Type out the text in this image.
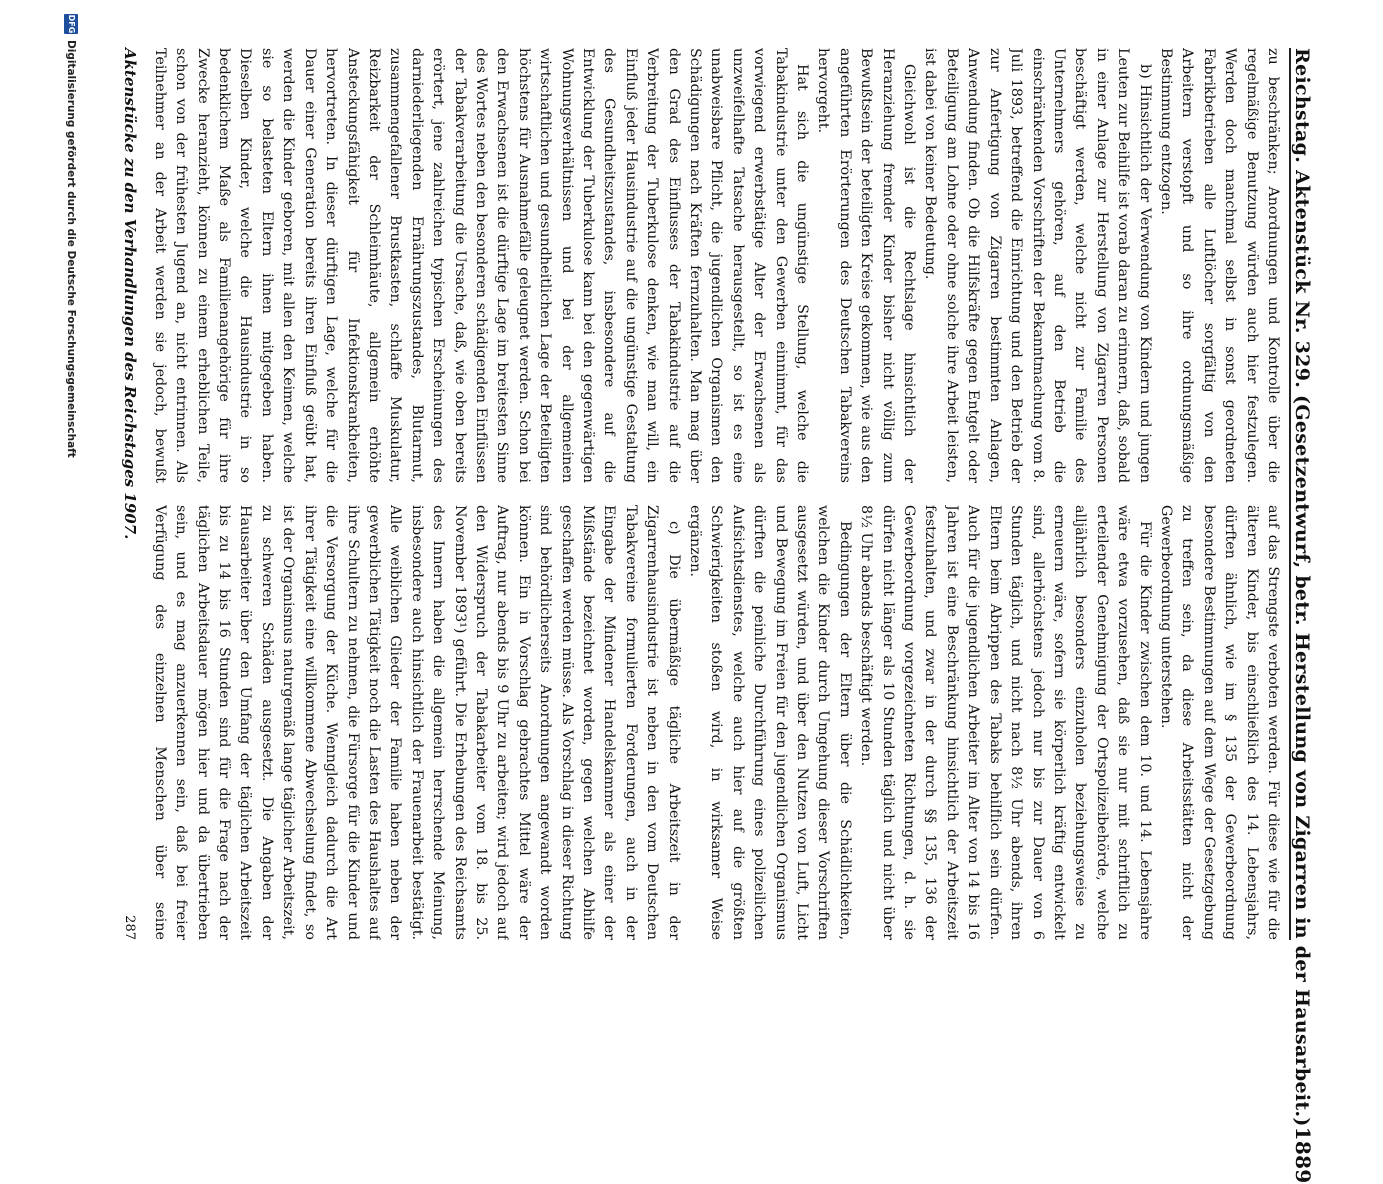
Reichstag. Aktenstück Nr. 329. (Gesetzentwurf, betr. Herstellung von Zigarren in der Hausarbeit.)
1889

zu beschränken; Anordnungen und Kontrolle über die regelmäßige Benutzung würden auch hier festzulegen. Werden doch manchmal selbst in sonst geordneten Fabrikbetrieben alle Luftlöcher sorgfältig von den Arbeitern verstopft und so ihre ordnungsmäßige Bestimmung entzogen.

b) Hinsichtlich der Verwendung von Kindern und jungen Leuten zur Beihilfe ist vorab daran zu erinnern, daß, sobald in einer Anlage zur Herstellung von Zigarren Personen beschäftigt werden, welche nicht zur Familie des Unternehmers gehören, auf den Betrieb die einschränkenden Vorschriften der Bekanntmachung vom 8. Juli 1893, betreffend die Einrichtung und den Betrieb der zur Anfertigung von Zigarren bestimmten Anlagen, Anwendung finden. Ob die Hilfskräfte gegen Entgelt oder Beteiligung am Lohne oder ohne solche ihre Arbeit leisten, ist dabei von keiner Bedeutung.

Gleichwohl ist die Rechtslage hinsichtlich der Heranziehung fremder Kinder bisher nicht völlig zum Bewußtsein der beteiligten Kreise gekommen, wie aus den angeführten Erörterungen des Deutschen Tabakvereins hervorgeht.

Hat sich die ungünstige Stellung, welche die Tabakindustrie unter den Gewerben einnimmt, für das vorwiegend erwerbstätige Alter der Erwachsenen als unzweifelhafte Tatsache herausgestellt, so ist es eine unabweisbare Pflicht, die jugendlichen Organismen den Schädigungen nach Kräften fernzuhalten. Man mag über den Grad des Einflusses der Tabakindustrie auf die Verbreitung der Tuberkulose denken, wie man will, ein Einfluß jeder Hausindustrie auf die ungünstige Gestaltung des Gesundheitszustandes, insbesondere auf die Entwicklung der Tuberkulose kann bei den gegenwärtigen Wohnungsverhältnissen und bei der allgemeinen wirtschaftlichen und gesundheitlichen Lage der Beteiligten höchstens für Ausnahmefälle geleugnet werden. Schon bei den Erwachsenen ist die dürftige Lage im breitesten Sinne des Wortes neben den besonderen schädigenden Einflüssen der Tabakverarbeitung die Ursache, daß, wie oben bereits erörtert, jene zahlreichen typischen Erscheinungen des darniederliegenden Ernährungszustandes, Blutarmut, zusammengefallener Brustkasten, schlaffe Muskulatur, Reizbarkeit der Schleimhäute, allgemein erhöhte Ansteckungsfähigkeit für Infektionskrankheiten, hervortreten. In dieser dürftigen Lage, welche für die Dauer einer Generation bereits ihren Einfluß geübt hat, werden die Kinder geboren, mit allen den Keimen, welche sie so belasteten Eltern ihnen mitgegeben haben. Dieselben Kinder, welche die Hausindustrie in so bedenklichem Maße als Familienangehörige für ihre Zwecke heranzieht, können zu einem erheblichen Teile, schon von der frühesten Jugend an, nicht entrinnen. Als Teilnehmer an der Arbeit werden sie jedoch, bewußt

auf das Strengste verboten werden. Für diese wie für die älteren Kinder, bis einschließlich des 14. Lebensjahrs, dürften ähnlich, wie im § 135 der Gewerbeordnung besondere Bestimmungen auf dem Wege der Gesetzgebung zu treffen sein, da diese Arbeitsstätten nicht der Gewerbeordnung unterstehen.

Für die Kinder zwischen dem 10. und 14. Lebensjahre wäre etwa vorzusehen, daß sie nur mit schriftlich zu erteilender Genehmigung der Ortspolizeibehörde, welche alljährlich besonders einzuholen beziehungsweise zu erneuern wäre, sofern sie körperlich kräftig entwickelt sind, allerhöchstens jedoch nur bis zur Dauer von 6 Stunden täglich, und nicht nach 8½ Uhr abends, ihren Eltern beim Abrippen des Tabaks behilflich sein dürfen. Auch für die jugendlichen Arbeiter im Alter von 14 bis 16 Jahren ist eine Beschränkung hinsichtlich der Arbeitszeit festzuhalten, und zwar in der durch §§ 135, 136 der Gewerbeordnung vorgezeichneten Richtungen, d. h. sie dürfen nicht länger als 10 Stunden täglich und nicht über 8½ Uhr abends beschäftigt werden.

Bedingungen der Eltern über die Schädlichkeiten, welchen die Kinder durch Umgehung dieser Vorschriften ausgesetzt würden, und über den Nutzen von Luft, Licht und Bewegung im Freien für den jugendlichen Organismus dürften die peinliche Durchführung eines polizeilichen Aufsichtsdienstes, welche auch hier auf die größten Schwierigkeiten stoßen wird, in wirksamer Weise ergänzen.

c) Die übermäßige tägliche Arbeitszeit in der Zigarrenhausindustrie ist neben in den vom Deutschen Tabakvereine formulierten Forderungen, auch in der Eingabe der Mindener Handelskammer als einer der Mißstände bezeichnet worden, gegen welchen Abhilfe geschaffen werden müsse. Als Vorschlag in dieser Richtung sind behördlicherseits Anordnungen angewandt worden können. Ein in Vorschlag gebrachtes Mittel wäre der Auftrag, nur abends bis 9 Uhr zu arbeiten; wird jedoch auf den Widerspruch der Tabakarbeiter vom 18. bis 25. November 1893¹) geführt. Die Erhebungen des Reichsamts des Innern haben die allgemein herrschende Meinung, insbesondere auch hinsichtlich der Frauenarbeit bestätigt. Alle weiblichen Glieder der Familie haben neben der gewerblichen Tätigkeit noch die Lasten des Haushaltes auf ihre Schultern zu nehmen, die Fürsorge für die Kinder und die Versorgung der Küche. Wenngleich dadurch die Art ihrer Tätigkeit eine willkommene Abwechselung findet, so ist der Organismus naturgemäß lange täglicher Arbeitszeit, zu schweren Schäden ausgesetzt. Die Angaben der Hausarbeiter über den Umfang der täglichen Arbeitszeit bis zu 14 bis 16 Stunden sind für die Frage nach der täglichen Arbeitsdauer mögen hier und da übertrieben sein, und es mag anzuerkennen sein, daß bei freier Verfügung des einzelnen Menschen über seine

Aktenstücke zu den Verhandlungen des Reichstages 1907.
287
DFG
Digitalisierung gefördert durch die Deutsche Forschungsgemeinschaft
